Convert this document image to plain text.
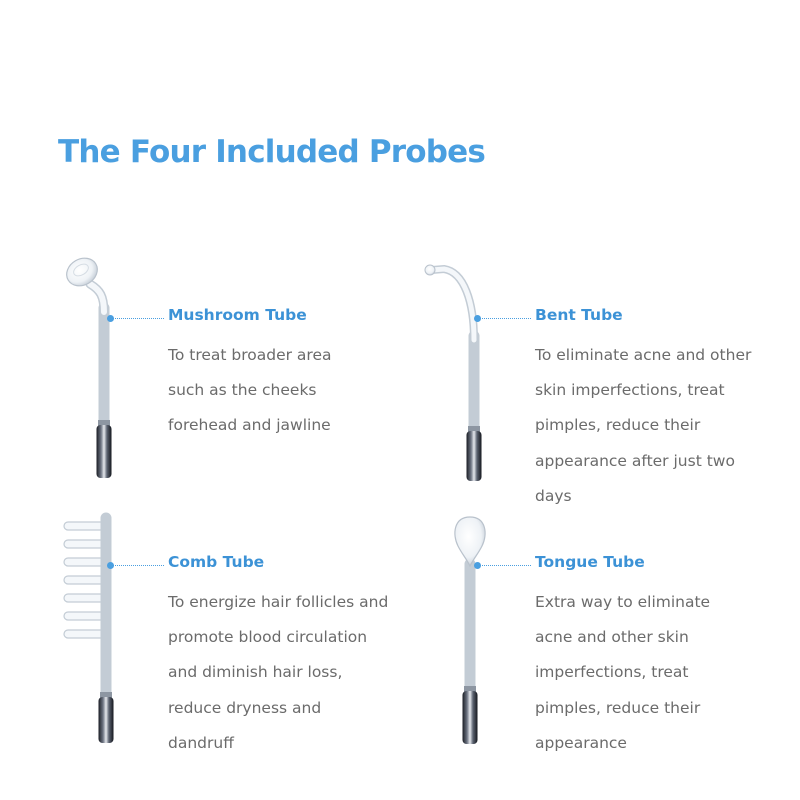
The Four Included Probes
Mushroom Tube
To treat broader area such as the cheeks forehead and jawline
Bent Tube
To eliminate acne and other skin imperfections, treat pimples, reduce their appearance after just two days
Comb Tube
To energize hair follicles and promote blood circulation and diminish hair loss, reduce dryness and dandruff
Tongue Tube
Extra way to eliminate acne and other skin imperfections, treat pimples, reduce their appearance
